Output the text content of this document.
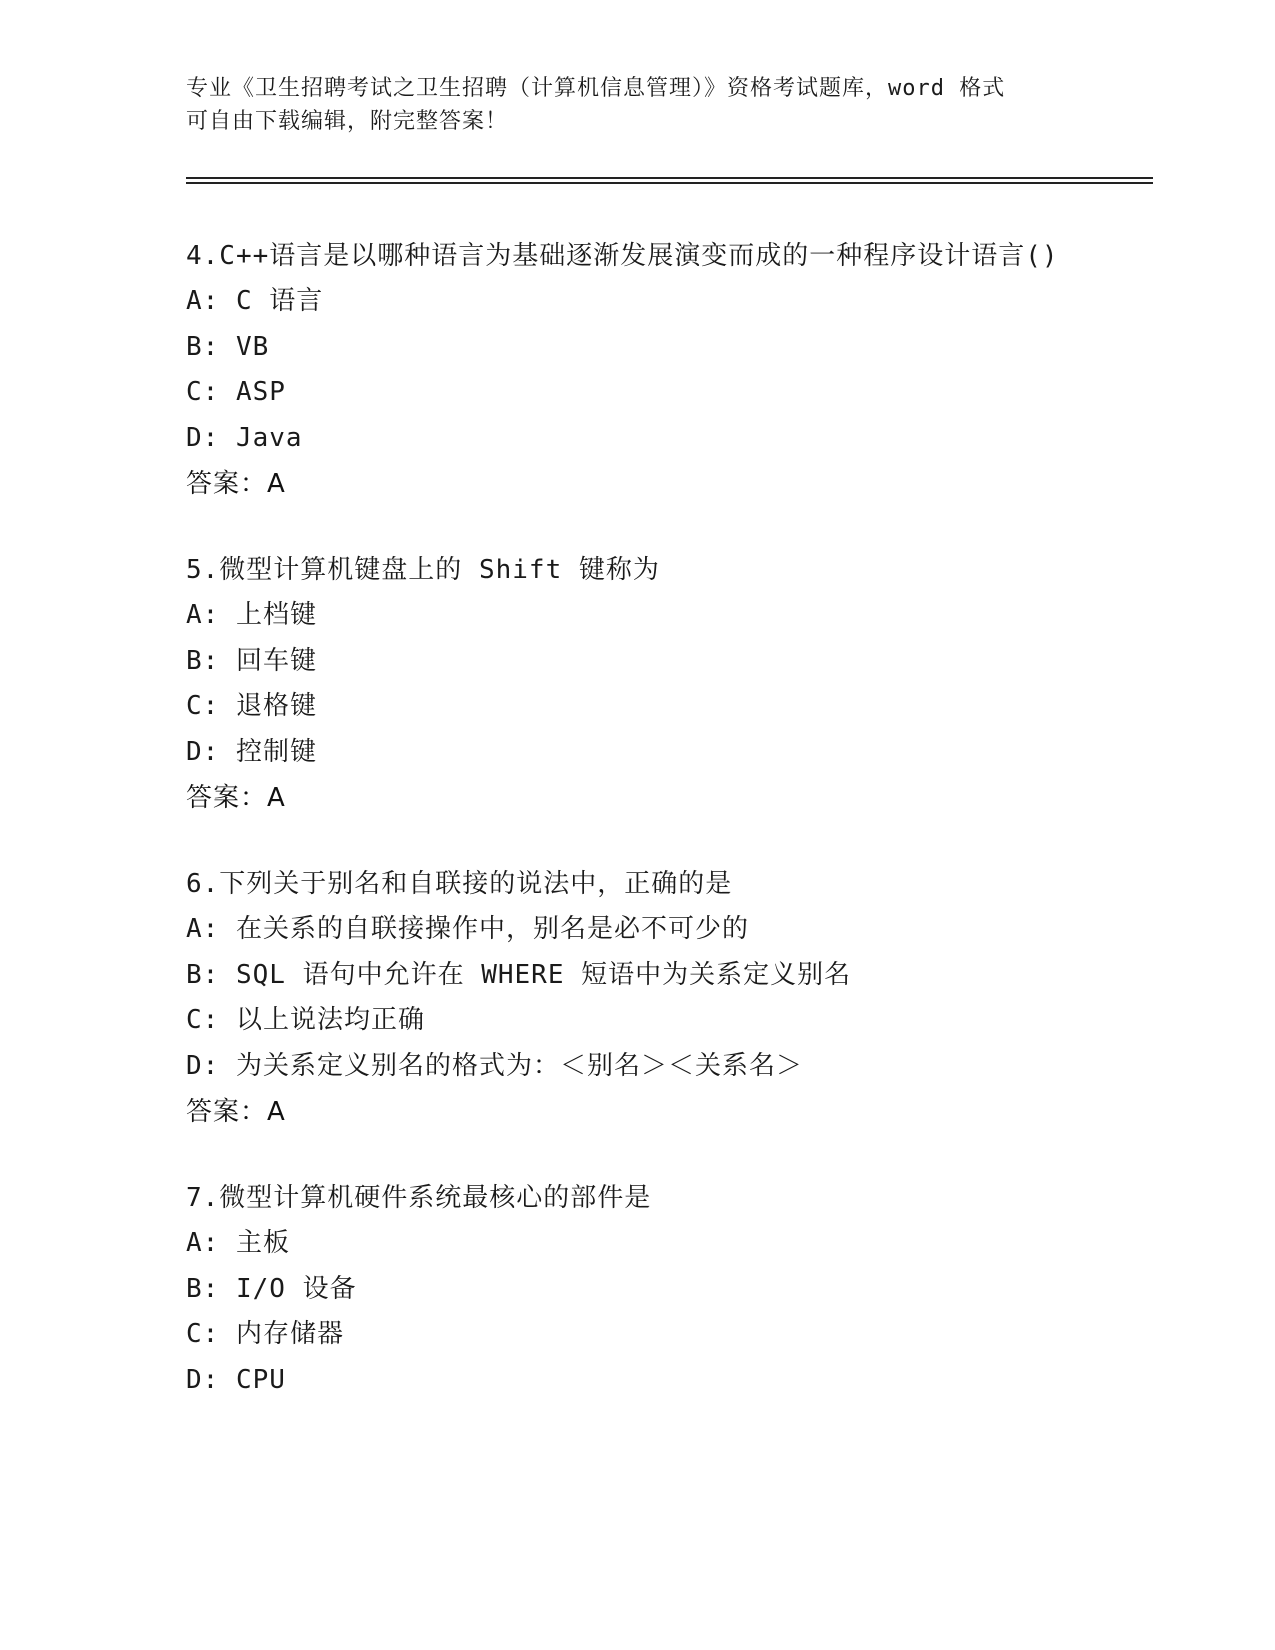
专业《卫生招聘考试之卫生招聘（计算机信息管理）》资格考试题库，word 格式
可自由下载编辑，附完整答案！

4.C++语言是以哪种语言为基础逐渐发展演变而成的一种程序设计语言()

A: C 语言

B: VB

C: ASP

D: Java

答案：A

5.微型计算机键盘上的 Shift 键称为

A: 上档键

B: 回车键

C: 退格键

D: 控制键

答案：A

6.下列关于别名和自联接的说法中，正确的是

A: 在关系的自联接操作中，别名是必不可少的

B: SQL 语句中允许在 WHERE 短语中为关系定义别名

C: 以上说法均正确

D: 为关系定义别名的格式为：＜别名＞＜关系名＞

答案：A

7.微型计算机硬件系统最核心的部件是

A: 主板

B: I/O 设备

C: 内存储器

D: CPU
